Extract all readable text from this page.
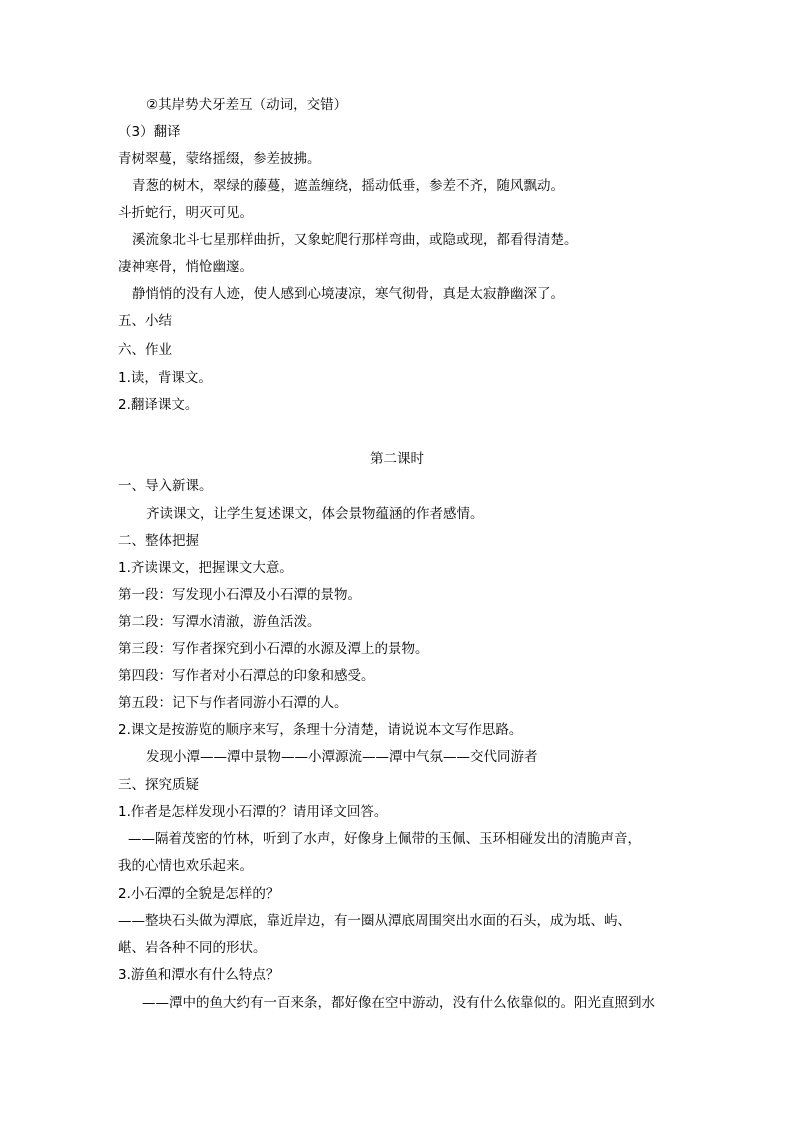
②其岸势犬牙差互（动词，交错）
（3）翻译
青树翠蔓，蒙络摇缀，参差披拂。
青葱的树木，翠绿的藤蔓，遮盖缠绕，摇动低垂，参差不齐，随风飘动。
斗折蛇行，明灭可见。
溪流象北斗七星那样曲折，又象蛇爬行那样弯曲，或隐或现，都看得清楚。
凄神寒骨，悄怆幽邃。
静悄悄的没有人迹，使人感到心境凄凉，寒气彻骨，真是太寂静幽深了。
五、小结
六、作业
1.读，背课文。
2.翻译课文。
第二课时
一、导入新课。
齐读课文，让学生复述课文，体会景物蕴涵的作者感情。
二、整体把握
1.齐读课文，把握课文大意。
第一段：写发现小石潭及小石潭的景物。
第二段：写潭水清澈，游鱼活泼。
第三段：写作者探究到小石潭的水源及潭上的景物。
第四段：写作者对小石潭总的印象和感受。
第五段：记下与作者同游小石潭的人。
2.课文是按游览的顺序来写，条理十分清楚，请说说本文写作思路。
发现小潭——潭中景物——小潭源流——潭中气氛——交代同游者
三、探究质疑
1.作者是怎样发现小石潭的？请用译文回答。
——隔着茂密的竹林，听到了水声，好像身上佩带的玉佩、玉环相碰发出的清脆声音，
我的心情也欢乐起来。
2.小石潭的全貌是怎样的？
——整块石头做为潭底，靠近岸边，有一圈从潭底周围突出水面的石头，成为坻、屿、
嵁、岩各种不同的形状。
3.游鱼和潭水有什么特点？
——潭中的鱼大约有一百来条，都好像在空中游动，没有什么依靠似的。阳光直照到水
